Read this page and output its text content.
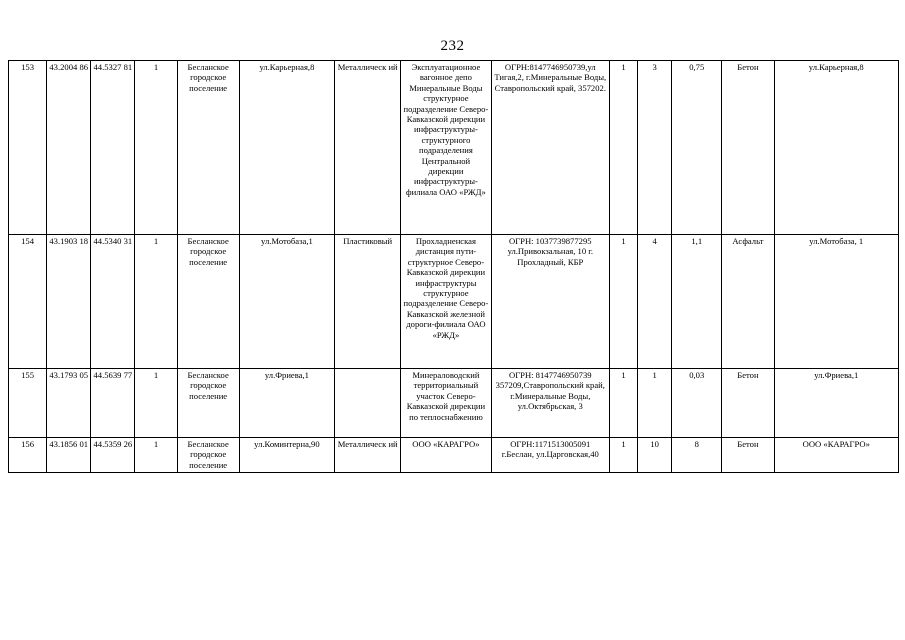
232
153	43.2004 86	44.5327 81	1	Бесланское городское поселение	ул.Карьерная,8	Металлическ ий	Эксплуатационное вагонное депо Минеральные Воды структурное подразделение Северо-Кавказской дирекции инфраструктуры-структурного подразделения Центральной дирекции инфраструктуры-филиала ОАО «РЖД»	ОГРН:8147746950739,ул Тигая,2, г.Минеральные Воды, Ставропольский край, 357202.	1	3	0,75	Бетон	ул.Карьерная,8
154	43.1903 18	44.5340 31	1	Бесланское городское поселение	ул.Мотобаза,1	Пластиковый	Прохладненская дистанция пути-структурное Северо-Кавказской дирекции инфраструктуры структурное подразделение Северо-Кавказской железной дороги-филиала ОАО «РЖД»	ОГРН: 1037739877295 ул.Привокзальная, 10 г. Прохладный, КБР	1	4	1,1	Асфальт	ул.Мотобаза, 1
155	43.1793 05	44.5639 77	1	Бесланское городское поселение	ул.Фриева,1		Минераловодский территориальный участок Северо-Кавказской дирекции по теплоснабжению	ОГРН: 8147746950739 357209,Ставропольский край, г.Минеральные Воды, ул.Октябрьская, 3	1	1	0,03	Бетон	ул.Фриева,1
156	43.1856 01	44.5359 26	1	Бесланское городское поселение	ул.Коминтерна,90	Металлическ ий	ООО «КАРАГРО»	ОГРН:1171513005091 г.Беслан, ул.Царговская,40	1	10	8	Бетон	ООО «КАРАГРО»
